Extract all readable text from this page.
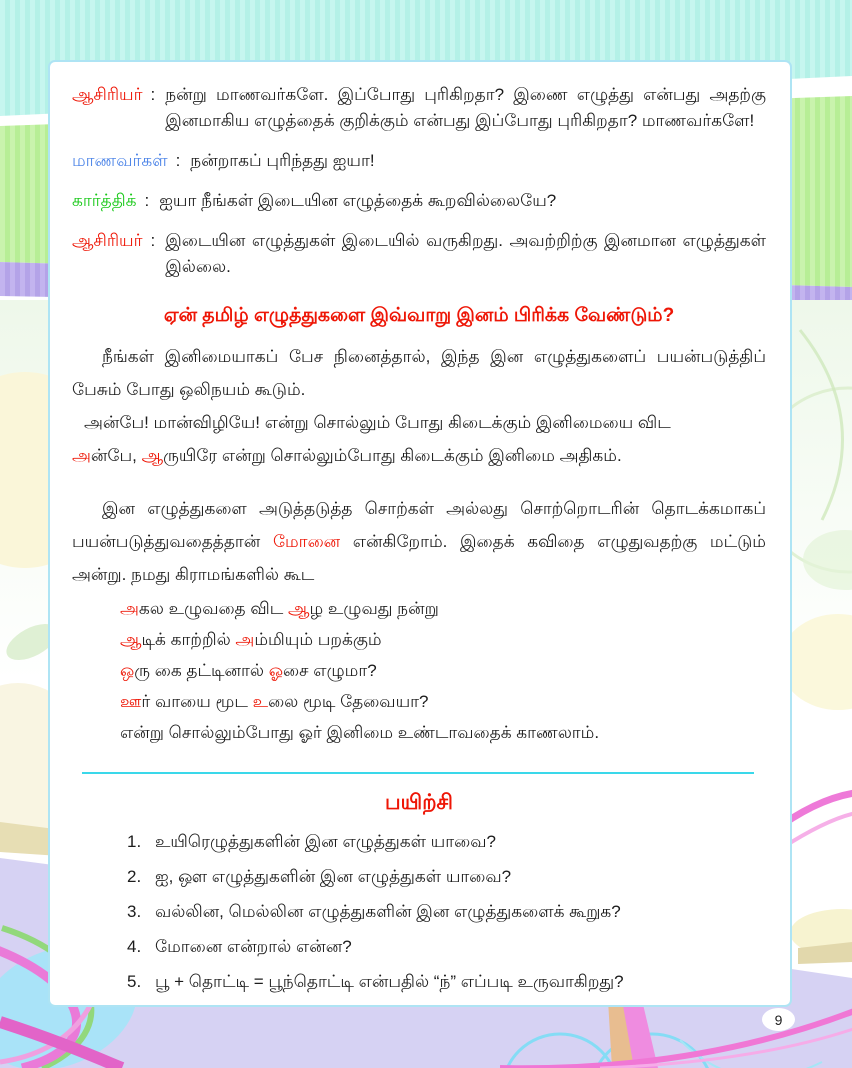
ஆசிரியர் : நன்று மாணவர்களே. இப்போது புரிகிறதா? இணை எழுத்து என்பது அதற்கு இனமாகிய எழுத்தைக் குறிக்கும் என்பது இப்போது புரிகிறதா? மாணவர்களே!
மாணவர்கள் : நன்றாகப் புரிந்தது ஐயா!
கார்த்திக் : ஐயா நீங்கள் இடையின எழுத்தைக் கூறவில்லையே?
ஆசிரியர் : இடையின எழுத்துகள் இடையில் வருகிறது. அவற்றிற்கு இனமான எழுத்துகள் இல்லை.
ஏன் தமிழ் எழுத்துகளை இவ்வாறு இனம் பிரிக்க வேண்டும்?

நீங்கள் இனிமையாகப் பேச நினைத்தால், இந்த இன எழுத்துகளைப் பயன்படுத்திப் பேசும் போது ஒலிநயம் கூடும்.

அன்பே! மான்விழியே! என்று சொல்லும் போது கிடைக்கும் இனிமையை விட

அன்பே, ஆருயிரே என்று சொல்லும்போது கிடைக்கும் இனிமை அதிகம்.

இன எழுத்துகளை அடுத்தடுத்த சொற்கள் அல்லது சொற்றொடரின் தொடக்கமாகப் பயன்படுத்துவதைத்தான் மோனை என்கிறோம். இதைக் கவிதை எழுதுவதற்கு மட்டும் அன்று. நமது கிராமங்களில் கூட

அகல உழுவதை விட ஆழ உழுவது நன்று

ஆடிக் காற்றில் அம்மியும் பறக்கும்

ஒரு கை தட்டினால் ஓசை எழுமா?

ஊர் வாயை மூட உலை மூடி தேவையா?

என்று சொல்லும்போது ஓர் இனிமை உண்டாவதைக் காணலாம்.

பயிற்சி
1. உயிரெழுத்துகளின் இன எழுத்துகள் யாவை?
2. ஐ, ஔ எழுத்துகளின் இன எழுத்துகள் யாவை?
3. வல்லின, மெல்லின எழுத்துகளின் இன எழுத்துகளைக் கூறுக?
4. மோனை என்றால் என்ன?
5. பூ + தொட்டி = பூந்தொட்டி என்பதில் “ந்” எப்படி உருவாகிறது?
9
